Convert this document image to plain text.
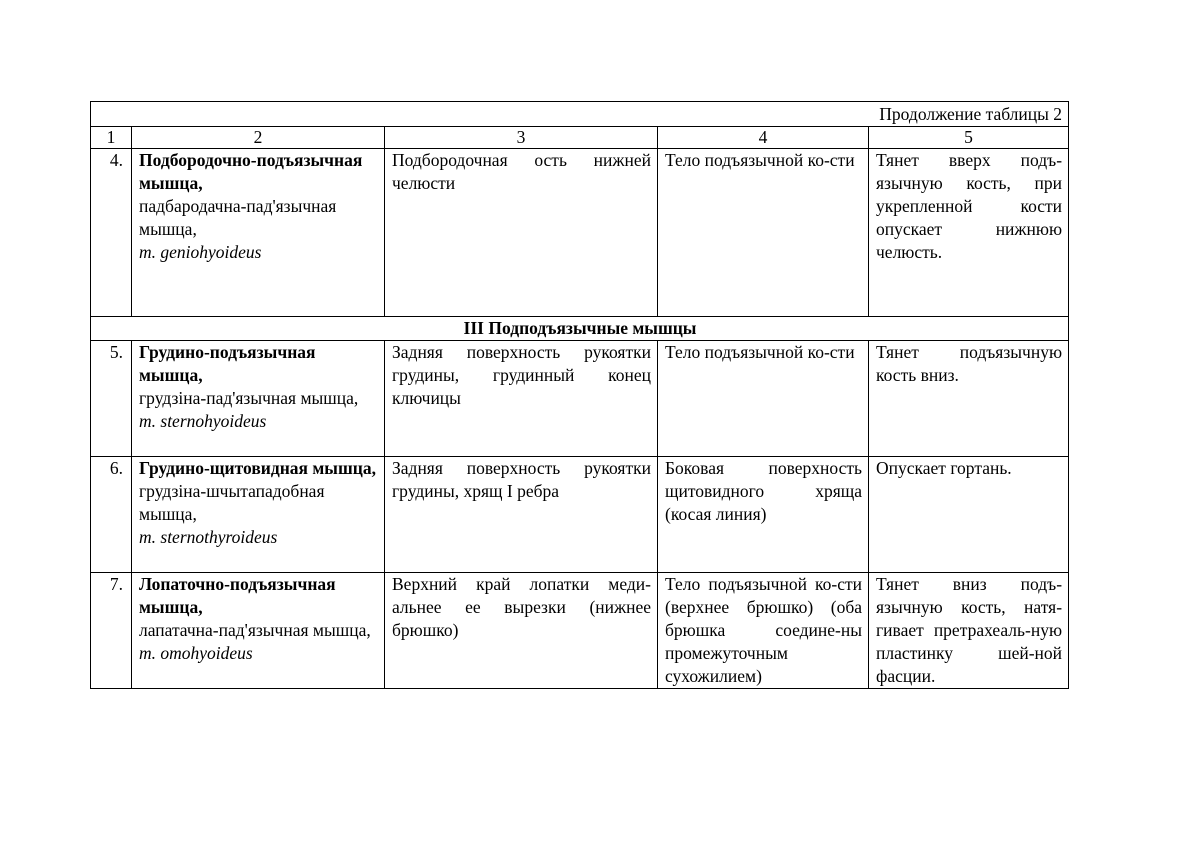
Продолжение таблицы 2				
1	2	3	4	5
4.	Подбородочно-подъязычная мышца,
падбародачна-пад'язычная мышца,
m. geniohyoideus	Подбородочная ость нижней челюсти	Тело подъязычной ко-сти	Тянет вверх подъ-язычную кость, при укрепленной кости опускает нижнюю челюсть.
III Подподъязычные мышцы				
5.	Грудино-подъязычная мышца,
грудзіна-пад'язычная мышца,
m. sternohyoideus	Задняя поверхность рукоятки грудины, грудинный конец ключицы	Тело подъязычной ко-сти	Тянет подъязычную кость вниз.
6.	Грудино-щитовидная мышца,
грудзіна-шчытападобная мышца,
m. sternothyroideus	Задняя поверхность рукоятки грудины, хрящ I ребра	Боковая поверхность щитовидного хряща (косая линия)	Опускает гортань.
7.	Лопаточно-подъязычная мышца,
лапатачна-пад'язычная мышца,
m. omohyoideus	Верхний край лопатки меди-альнее ее вырезки (нижнее брюшко)	Тело подъязычной ко-сти (верхнее брюшко) (оба брюшка соедине-ны промежуточным сухожилием)	Тянет вниз подъ-язычную кость, натя-гивает претрахеаль-ную пластинку шей-ной фасции.
